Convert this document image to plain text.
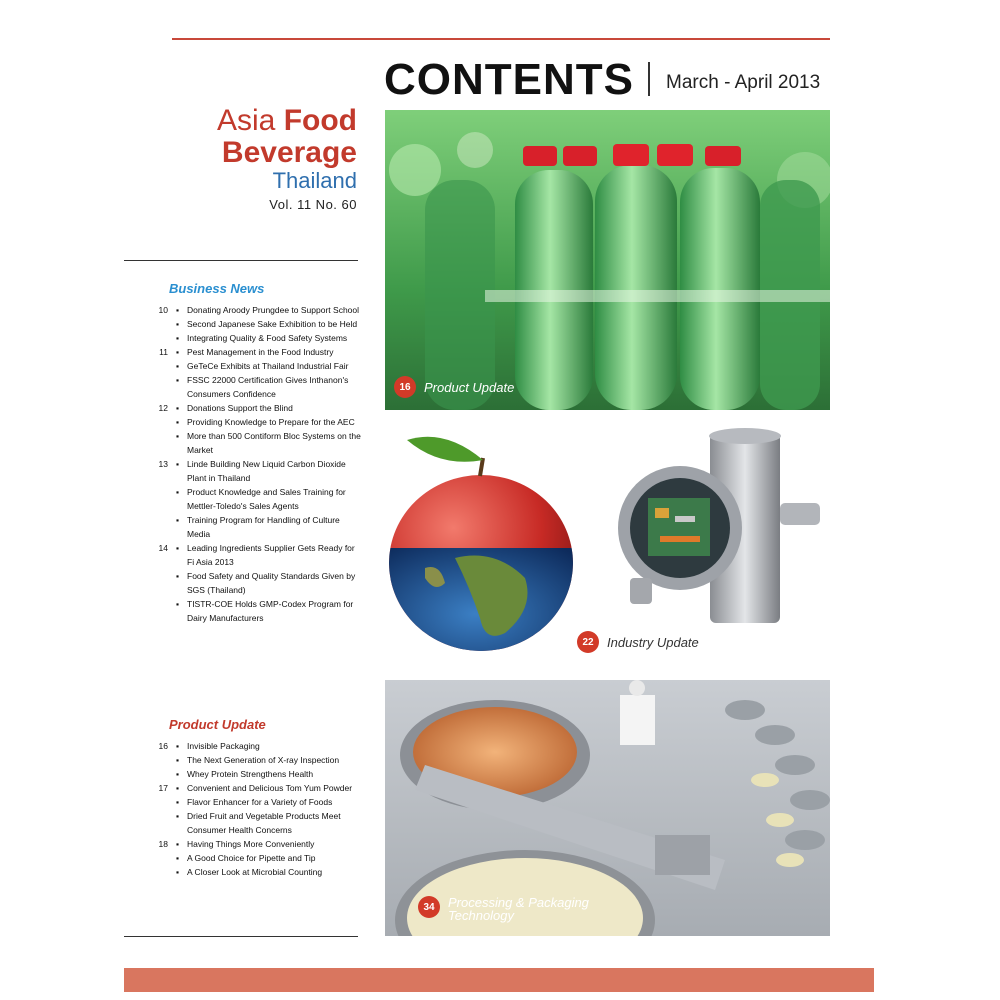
CONTENTS March - April 2013
Asia Food
Beverage
Thailand
Vol. 11 No. 60
Business News
10 ▪ Donating Aroody Prungdee to Support School
▪ Second Japanese Sake Exhibition to be Held
▪ Integrating Quality & Food Safety Systems
11 ▪ Pest Management in the Food Industry
▪ GeTeCe Exhibits at Thailand Industrial Fair
▪ FSSC 22000 Certification Gives Inthanon's Consumers Confidence
12 ▪ Donations Support the Blind
▪ Providing Knowledge to Prepare for the AEC
▪ More than 500 Contiform Bloc Systems on the Market
13 ▪ Linde Building New Liquid Carbon Dioxide Plant in Thailand
▪ Product Knowledge and Sales Training for Mettler-Toledo's Sales Agents
▪ Training Program for Handling of Culture Media
14 ▪ Leading Ingredients Supplier Gets Ready for Fi Asia 2013
▪ Food Safety and Quality Standards Given by SGS (Thailand)
▪ TISTR-COE Holds GMP-Codex Program for Dairy Manufacturers
Product Update
16 ▪ Invisible Packaging
▪ The Next Generation of X-ray Inspection
▪ Whey Protein Strengthens Health
17 ▪ Convenient and Delicious Tom Yum Powder
▪ Flavor Enhancer for a Variety of Foods
▪ Dried Fruit and Vegetable Products Meet Consumer Health Concerns
18 ▪ Having Things More Conveniently
▪ A Good Choice for Pipette and Tip
▪ A Closer Look at Microbial Counting
16	Product Update
22	Industry Update
34	Processing & Packaging Technology
